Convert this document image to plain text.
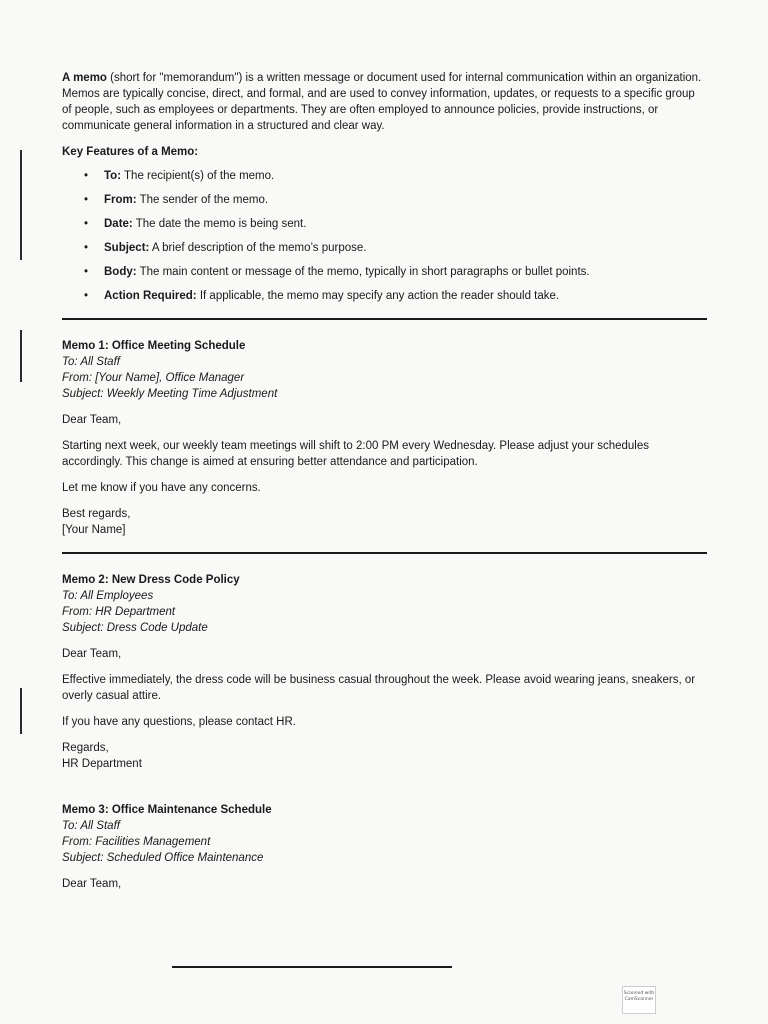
A memo (short for "memorandum") is a written message or document used for internal communication within an organization. Memos are typically concise, direct, and formal, and are used to convey information, updates, or requests to a specific group of people, such as employees or departments. They are often employed to announce policies, provide instructions, or communicate general information in a structured and clear way.

Key Features of a Memo:

• To: The recipient(s) of the memo.
• From: The sender of the memo.
• Date: The date the memo is being sent.
• Subject: A brief description of the memo’s purpose.
• Body: The main content or message of the memo, typically in short paragraphs or bullet points.
• Action Required: If applicable, the memo may specify any action the reader should take.

Memo 1: Office Meeting Schedule

To: All Staff

From: [Your Name], Office Manager

Subject: Weekly Meeting Time Adjustment

Dear Team,

Starting next week, our weekly team meetings will shift to 2:00 PM every Wednesday. Please adjust your schedules accordingly. This change is aimed at ensuring better attendance and participation.

Let me know if you have any concerns.

Best regards,

[Your Name]

Memo 2: New Dress Code Policy

To: All Employees

From: HR Department

Subject: Dress Code Update

Dear Team,

Effective immediately, the dress code will be business casual throughout the week. Please avoid wearing jeans, sneakers, or overly casual attire.

If you have any questions, please contact HR.

Regards,

HR Department

Memo 3: Office Maintenance Schedule

To: All Staff

From: Facilities Management

Subject: Scheduled Office Maintenance

Dear Team,

Scanned with
CamScanner
